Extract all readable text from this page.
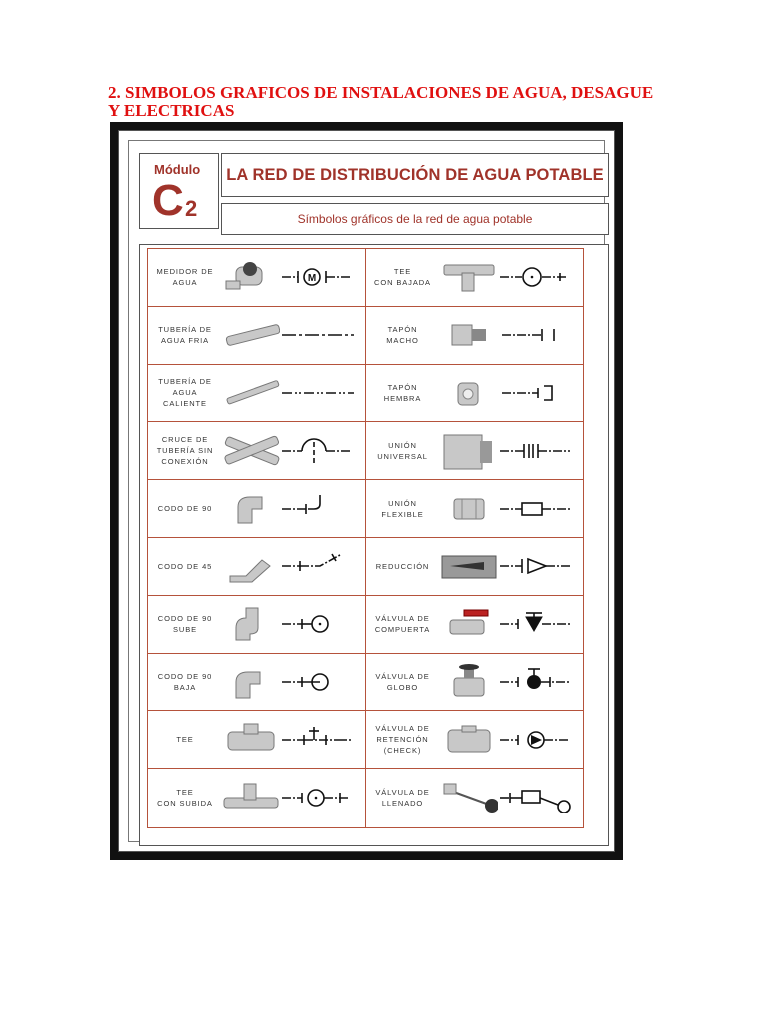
2. SIMBOLOS GRAFICOS DE INSTALACIONES DE AGUA, DESAGUE Y ELECTRICAS
Módulo
C 2
LA RED DE DISTRIBUCIÓN DE AGUA POTABLE
Símbolos gráficos de la red de agua potable
MEDIDOR DE
AGUA	M
TEE
CON BAJADA
TUBERÍA DE
AGUA FRIA
TAPÓN
MACHO
TUBERÍA DE
AGUA
CALIENTE
TAPÓN
HEMBRA
CRUCE DE
TUBERÍA SIN
CONEXIÓN
UNIÓN
UNIVERSAL
CODO DE 90
UNIÓN
FLEXIBLE
CODO DE 45	REDUCCIÓN
CODO DE 90
SUBE
VÁLVULA DE
COMPUERTA
CODO DE 90
BAJA
VÁLVULA DE
GLOBO
TEE
VÁLVULA DE
RETENCIÓN
(CHECK)
TEE
CON SUBIDA
VÁLVULA DE
LLENADO
